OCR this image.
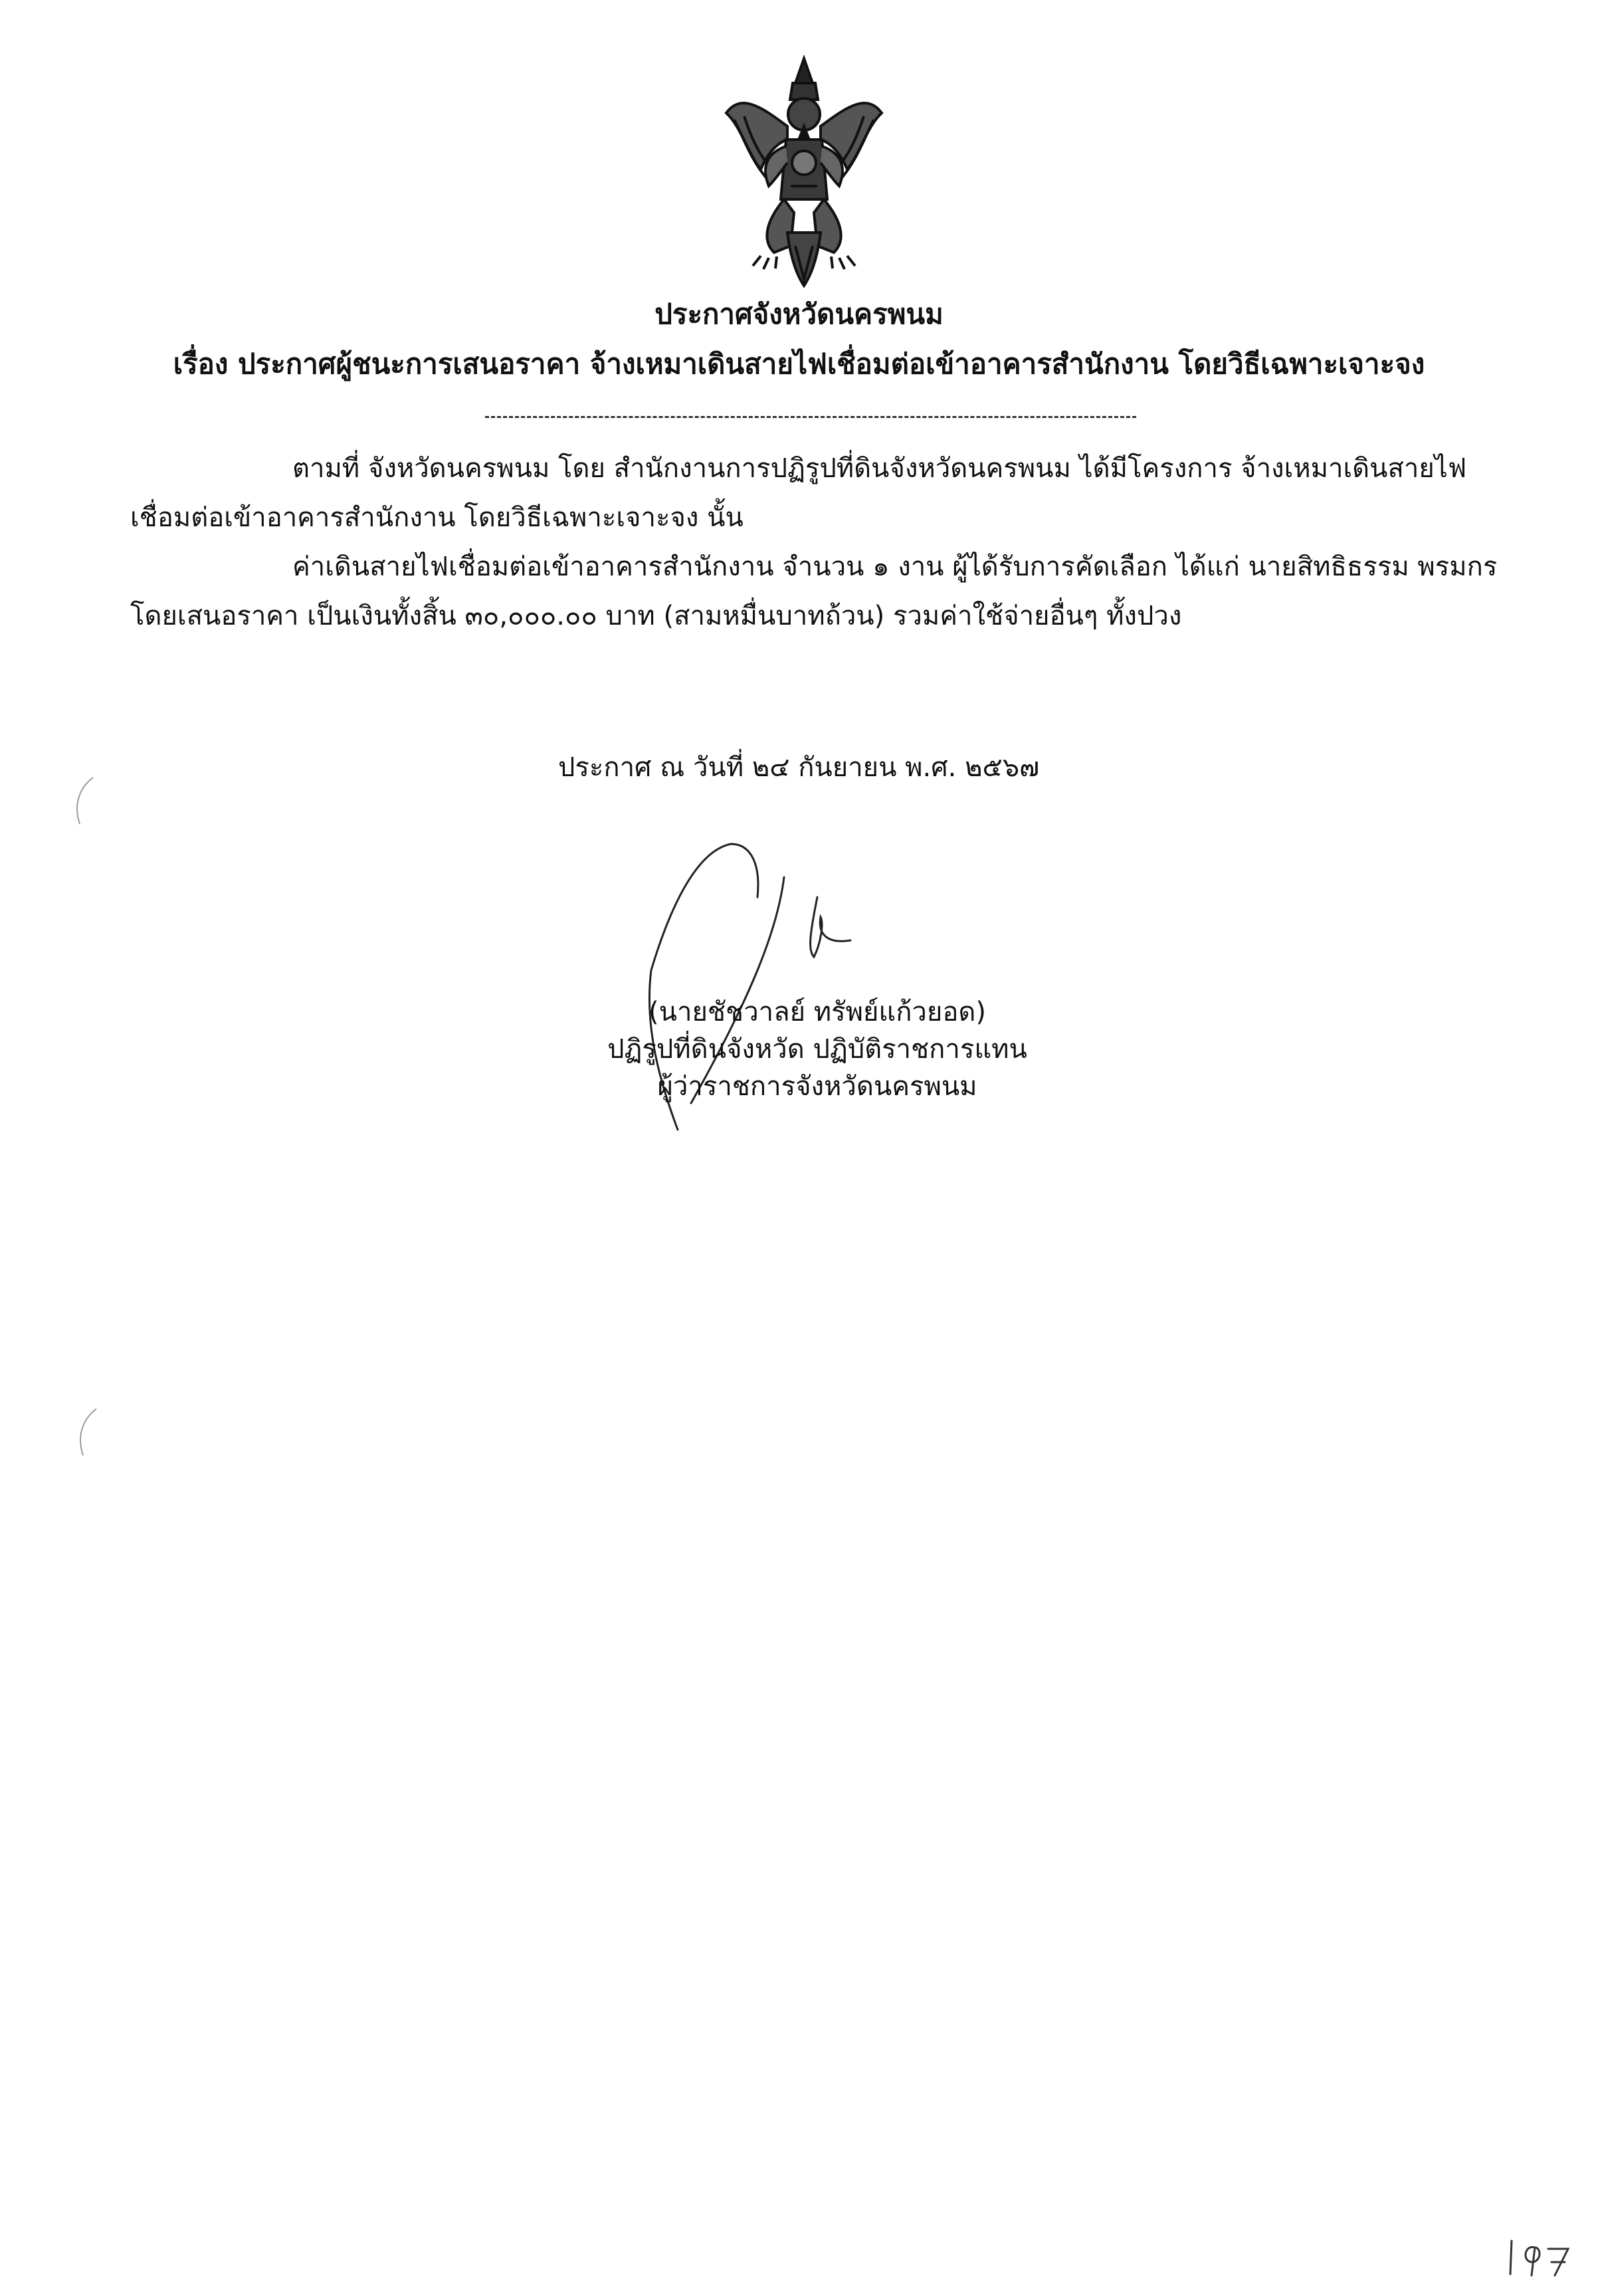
ประกาศจังหวัดนครพนม
เรื่อง ประกาศผู้ชนะการเสนอราคา จ้างเหมาเดินสายไฟเชื่อมต่อเข้าอาคารสำนักงาน โดยวิธีเฉพาะเจาะจง
ตามที่ จังหวัดนครพนม โดย สำนักงานการปฏิรูปที่ดินจังหวัดนครพนม ได้มีโครงการ จ้างเหมาเดินสายไฟ
เชื่อมต่อเข้าอาคารสำนักงาน โดยวิธีเฉพาะเจาะจง นั้น
ค่าเดินสายไฟเชื่อมต่อเข้าอาคารสำนักงาน จำนวน ๑ งาน ผู้ได้รับการคัดเลือก ได้แก่ นายสิทธิธรรม พรมกร
โดยเสนอราคา เป็นเงินทั้งสิ้น ๓๐,๐๐๐.๐๐ บาท (สามหมื่นบาทถ้วน) รวมค่าใช้จ่ายอื่นๆ ทั้งปวง
ประกาศ ณ วันที่ ๒๔ กันยายน พ.ศ. ๒๕๖๗
(นายชัชวาลย์ ทรัพย์แก้วยอด)
ปฏิรูปที่ดินจังหวัด ปฏิบัติราชการแทน
ผู้ว่าราชการจังหวัดนครพนม
